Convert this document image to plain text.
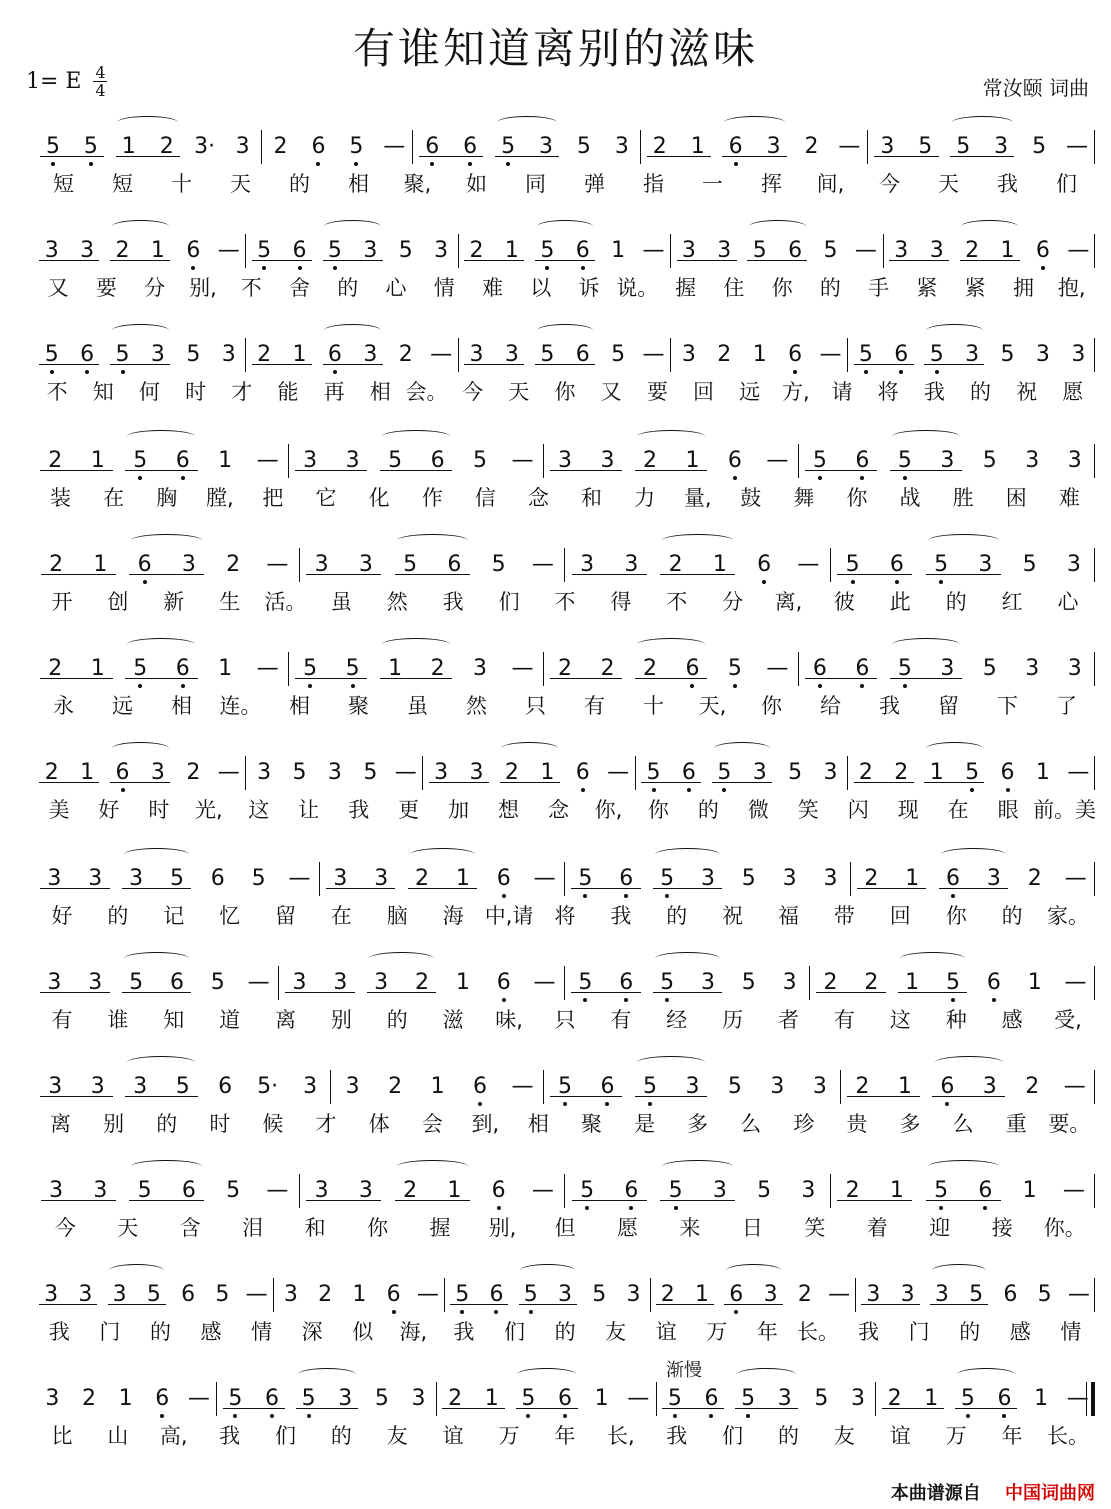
有谁知道离别的滋味
1= E $\frac{4}{4}$	常汝颐 词曲
5 5 1 2 3· 3 2 6 5 — 6 6 5 3 5 3 2 1 6 3 2 — 3 5 5 3 5 —
短	短	十	天	的	相	聚,	如	同	弹	指	一	挥	间,	今	天	我	们
3 3 2 1 6 — 5 6 5 3 5 3 2 1 5 6 1 — 3 3 5 6 5 — 3 3 2 1 6 —
又	要	分	别,	不	舍	的	心	情	难	以	诉 说。 握	住	你	的	手	紧	紧	拥	抱,
5 6 5 3 5 3 2 1 6 3 2 — 3 3 5 6 5 — 3 2 1 6 — 5 6 5 3 5 3 3
不	知	何	时	才	能	再	相 会。 今	天	你	又	要	回	远	方,	请	将	我	的	祝	愿
2 1 5 6 1 — 3 3 5 6 5 — 3 3 2 1 6 — 5 6 5 3 5 3 3
装	在	胸	膛,	把	它	化	作	信	念	和	力	量,	鼓	舞	你	战	胜	困	难
2 1 6 3 2 — 3 3 5 6 5 — 3 3 2 1 6 — 5 6 5 3 5 3
开	创	新	生	活。	虽	然	我	们	不	得	不	分	离,	彼	此	的	红	心
2 1 5 6 1 — 5 5 1 2 3 — 2 2 2 6 5 — 6 6 5 3 5 3 3
永	远	相	连。	相	聚	虽	然	只	有	十	天,	你	给	我	留	下	了
2 1 6 3 2 — 3 5 3 5 — 3 3 2 1 6 — 5 6 5 3 5 3 2 2 1 5 6 1 —
美	好	时	光,	这	让	我	更	加	想	念	你,	你	的	微	笑	闪	现	在	眼 前。美
3 3 3 5 6 5 — 3 3 2 1 6 — 5 6 5 3 5 3 3 2 1 6 3 2 —
好	的	记	忆	留	在	脑	海	中,请	将	我	的	祝	福	带	回	你	的	家。
3 3 5 6 5 — 3 3 3 2 1 6 — 5 6 5 3 5 3 2 2 1 5 6 1 —
有	谁	知	道	离	别	的	滋	味,	只	有	经	历	者	有	这	种	感	受,
3 3 3 5 6 5· 3 3 2 1 6 — 5 6 5 3 5 3 3 2 1 6 3 2 —
离	别	的	时	候	才	体	会	到,	相	聚	是	多	么	珍	贵	多	么	重	要。
3 3 5 6 5 — 3 3 2 1 6 — 5 6 5 3 5 3 2 1 5 6 1 —
今	天	含	泪	和	你	握	别,	但	愿	来	日	笑	着	迎	接	你。
3 3 3 5 6 5 — 3 2 1 6 — 5 6 5 3 5 3 2 1 6 3 2 — 3 3 3 5 6 5 —
我	门	的	感	情	深	似	海,	我	们	的	友	谊	万	年 长。 我	门	的	感	情
3 2 1 6 — 5 6 5 3 5 3 2 1 5 6 1 — 5 6 5 3 5 3 2 1 5 6 1 —
比	山	高,	我	们	的	友	谊	万	年	长,	我	们	的	友	谊	万	年	长。
渐慢
本曲谱源自 中国词曲网
